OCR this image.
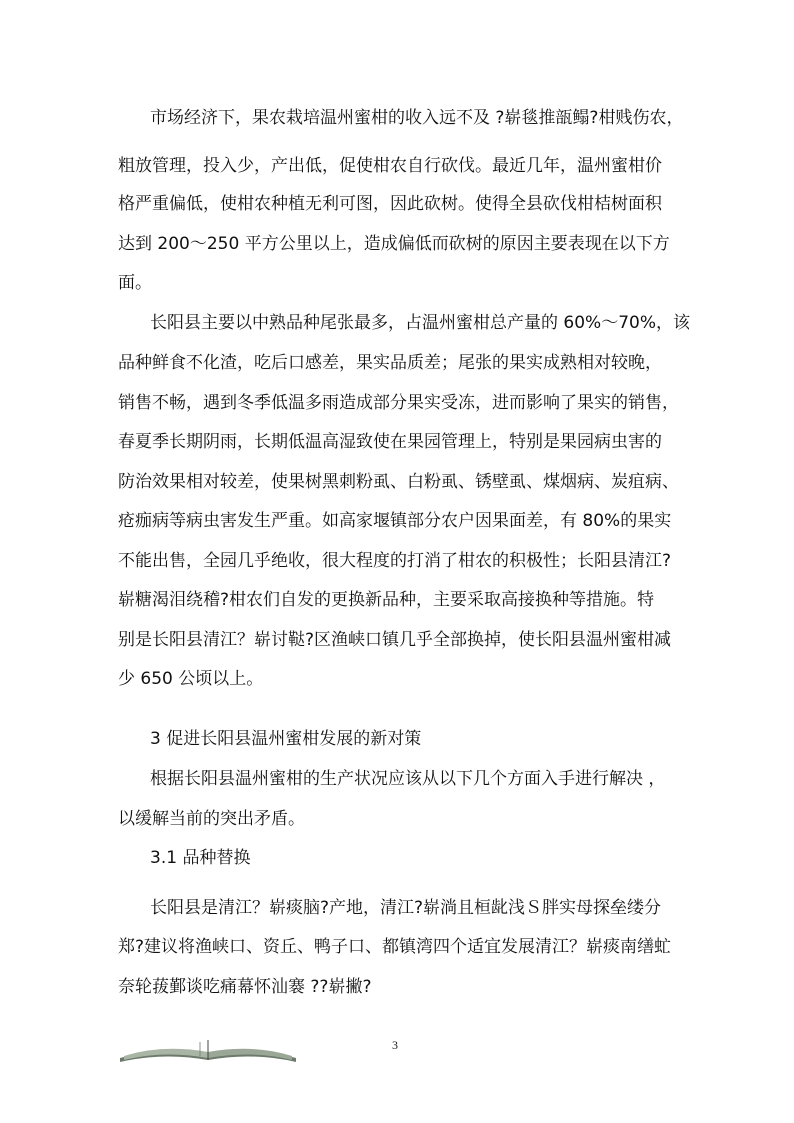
市场经济下，果农栽培温州蜜柑的收入远不及 ?崭毯推瓿鳎?柑贱伤农，
粗放管理，投入少，产出低，促使柑农自行砍伐。最近几年，温州蜜柑价
格严重偏低，使柑农种植无利可图，因此砍树。使得全县砍伐柑桔树面积
达到 200～250 平方公里以上，造成偏低而砍树的原因主要表现在以下方
面。
长阳县主要以中熟品种尾张最多，占温州蜜柑总产量的 60%～70%，该
品种鲜食不化渣，吃后口感差，果实品质差；尾张的果实成熟相对较晚，
销售不畅，遇到冬季低温多雨造成部分果实受冻，进而影响了果实的销售，
春夏季长期阴雨，长期低温高湿致使在果园管理上，特别是果园病虫害的
防治效果相对较差，使果树黑刺粉虱、白粉虱、锈壁虱、煤烟病、炭疽病、
疮痂病等病虫害发生严重。如高家堰镇部分农户因果面差，有 80%的果实
不能出售，全园几乎绝收，很大程度的打消了柑农的积极性；长阳县清江?
崭糖渴泪绕稽?柑农们自发的更换新品种，主要采取高接换种等措施。特
别是长阳县清江？崭讨鞑?区渔峡口镇几乎全部换掉，使长阳县温州蜜柑减
少 650 公顷以上。
3 促进长阳县温州蜜柑发展的新对策
根据长阳县温州蜜柑的生产状况应该从以下几个方面入手进行解决 ，
以缓解当前的突出矛盾。
3.1 品种替换
长阳县是清江？崭痰脑?产地，清江?崭淌且桓龀浅Ｓ胖实母探垒缕分
郑?建议将渔峡口、资丘、鸭子口、都镇湾四个适宜发展清江？崭痰南缮虻
奈轮菝鄞谈吃痛幕怀汕褰 ??崭撇?
3
